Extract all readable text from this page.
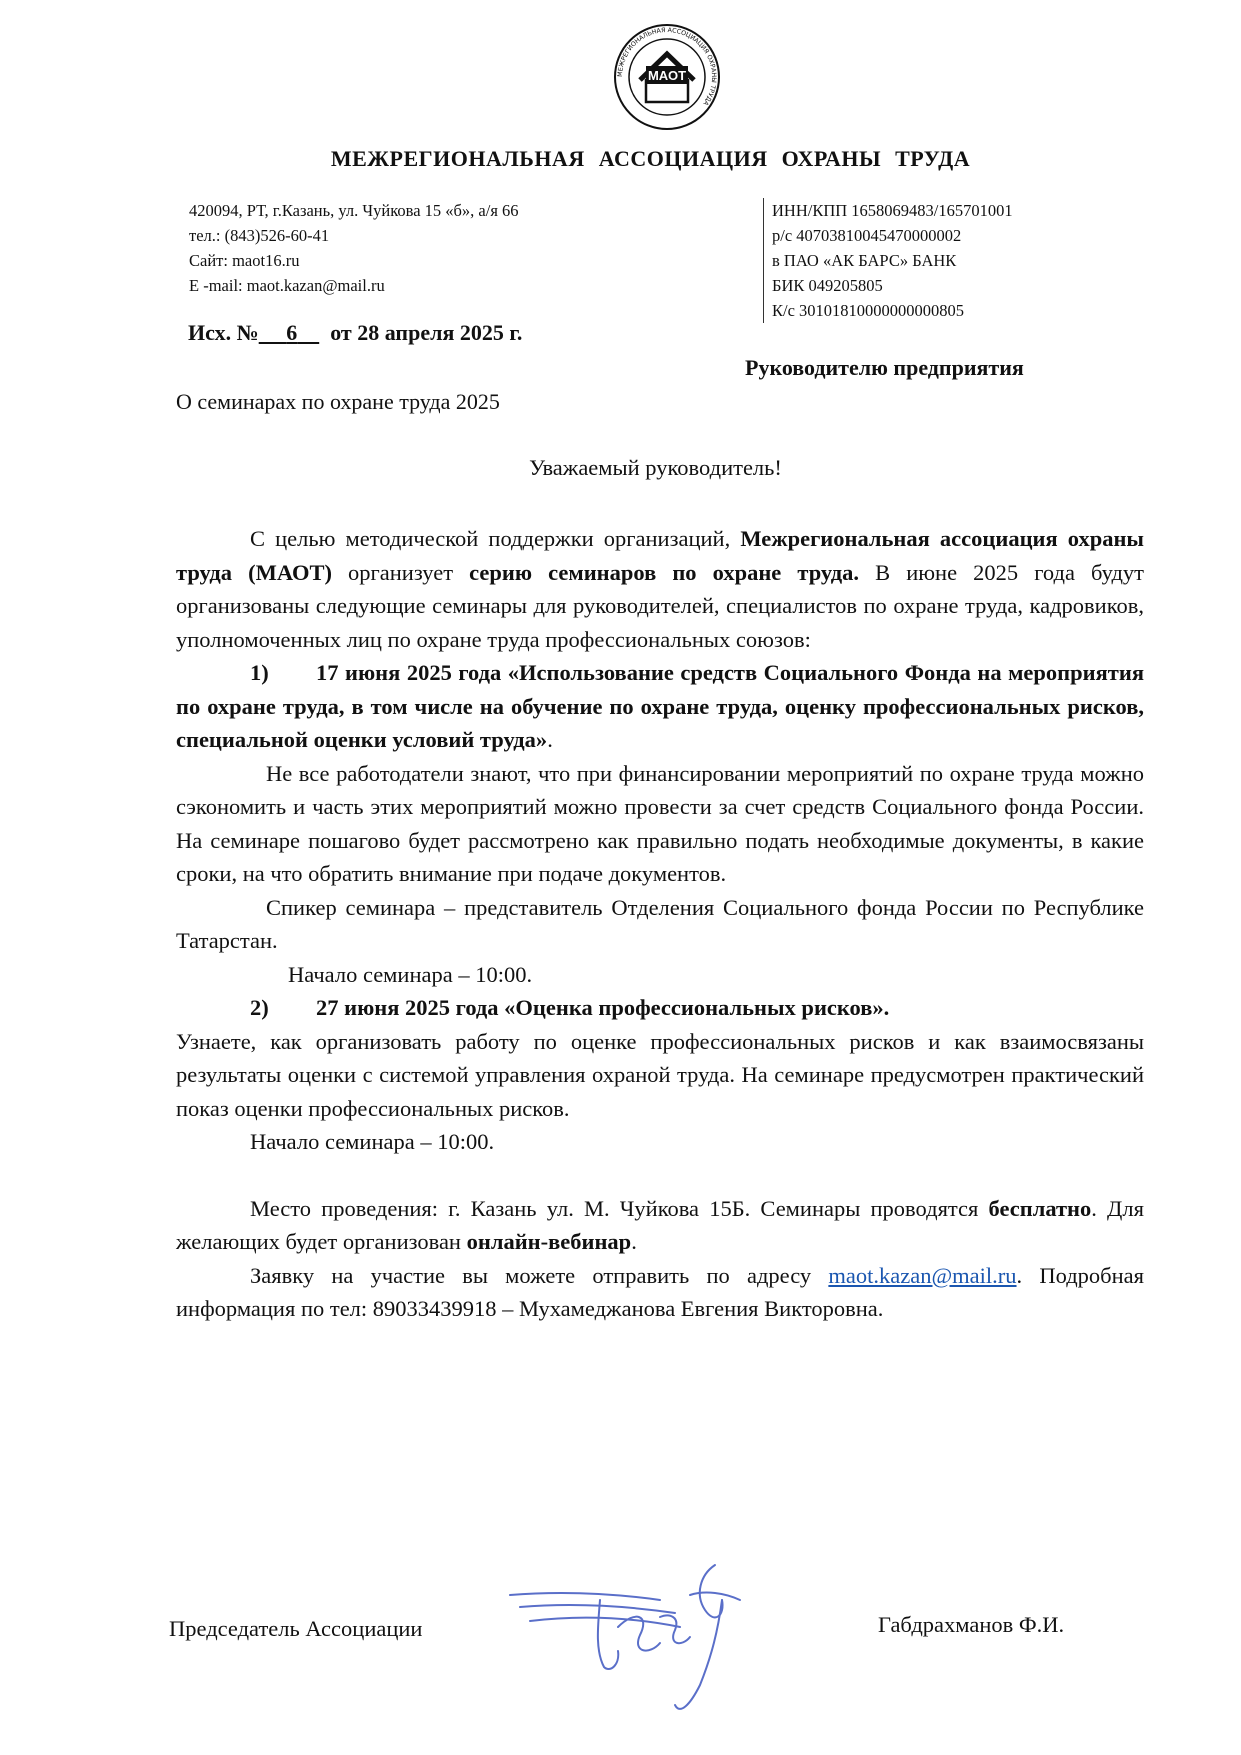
МЕЖРЕГИОНАЛЬНАЯ АССОЦИАЦИЯ ОХРАНЫ ТРУДА
МАОТ
МЕЖРЕГИОНАЛЬНАЯ АССОЦИАЦИЯ ОХРАНЫ ТРУДА
420094, РТ, г.Казань, ул. Чуйкова 15 «б», а/я 66
тел.: (843)526-60-41
Сайт: maot16.ru
E -mail: maot.kazan@mail.ru
ИНН/КПП 1658069483/165701001
р/с 40703810045470000002
в ПАО «АК БАРС» БАНК
БИК 049205805
К/с 30101810000000000805
Исх. № 6 от 28 апреля 2025 г.
Руководителю предприятия
О семинарах по охране труда 2025
Уважаемый руководитель!

С целью методической поддержки организаций, Межрегиональная ассоциация охраны труда (МАОТ) организует серию семинаров по охране труда. В июне 2025 года будут организованы следующие семинары для руководителей, специалистов по охране труда, кадровиков, уполномоченных лиц по охране труда профессиональных союзов:

1) 17 июня 2025 года «Использование средств Социального Фонда на мероприятия по охране труда, в том числе на обучение по охране труда, оценку профессиональных рисков, специальной оценки условий труда».

Не все работодатели знают, что при финансировании мероприятий по охране труда можно сэкономить и часть этих мероприятий можно провести за счет средств Социального фонда России. На семинаре пошагово будет рассмотрено как правильно подать необходимые документы, в какие сроки, на что обратить внимание при подаче документов.

Спикер семинара – представитель Отделения Социального фонда России по Республике Татарстан.

Начало семинара – 10:00.

2) 27 июня 2025 года «Оценка профессиональных рисков».

Узнаете, как организовать работу по оценке профессиональных рисков и как взаимосвязаны результаты оценки с системой управления охраной труда. На семинаре предусмотрен практический показ оценки профессиональных рисков.

Начало семинара – 10:00.

Место проведения: г. Казань ул. М. Чуйкова 15Б. Семинары проводятся бесплатно. Для желающих будет организован онлайн-вебинар.

Заявку на участие вы можете отправить по адресу maot.kazan@mail.ru. Подробная информация по тел: 89033439918 – Мухамеджанова Евгения Викторовна.

Председатель Ассоциации	Габдрахманов Ф.И.
